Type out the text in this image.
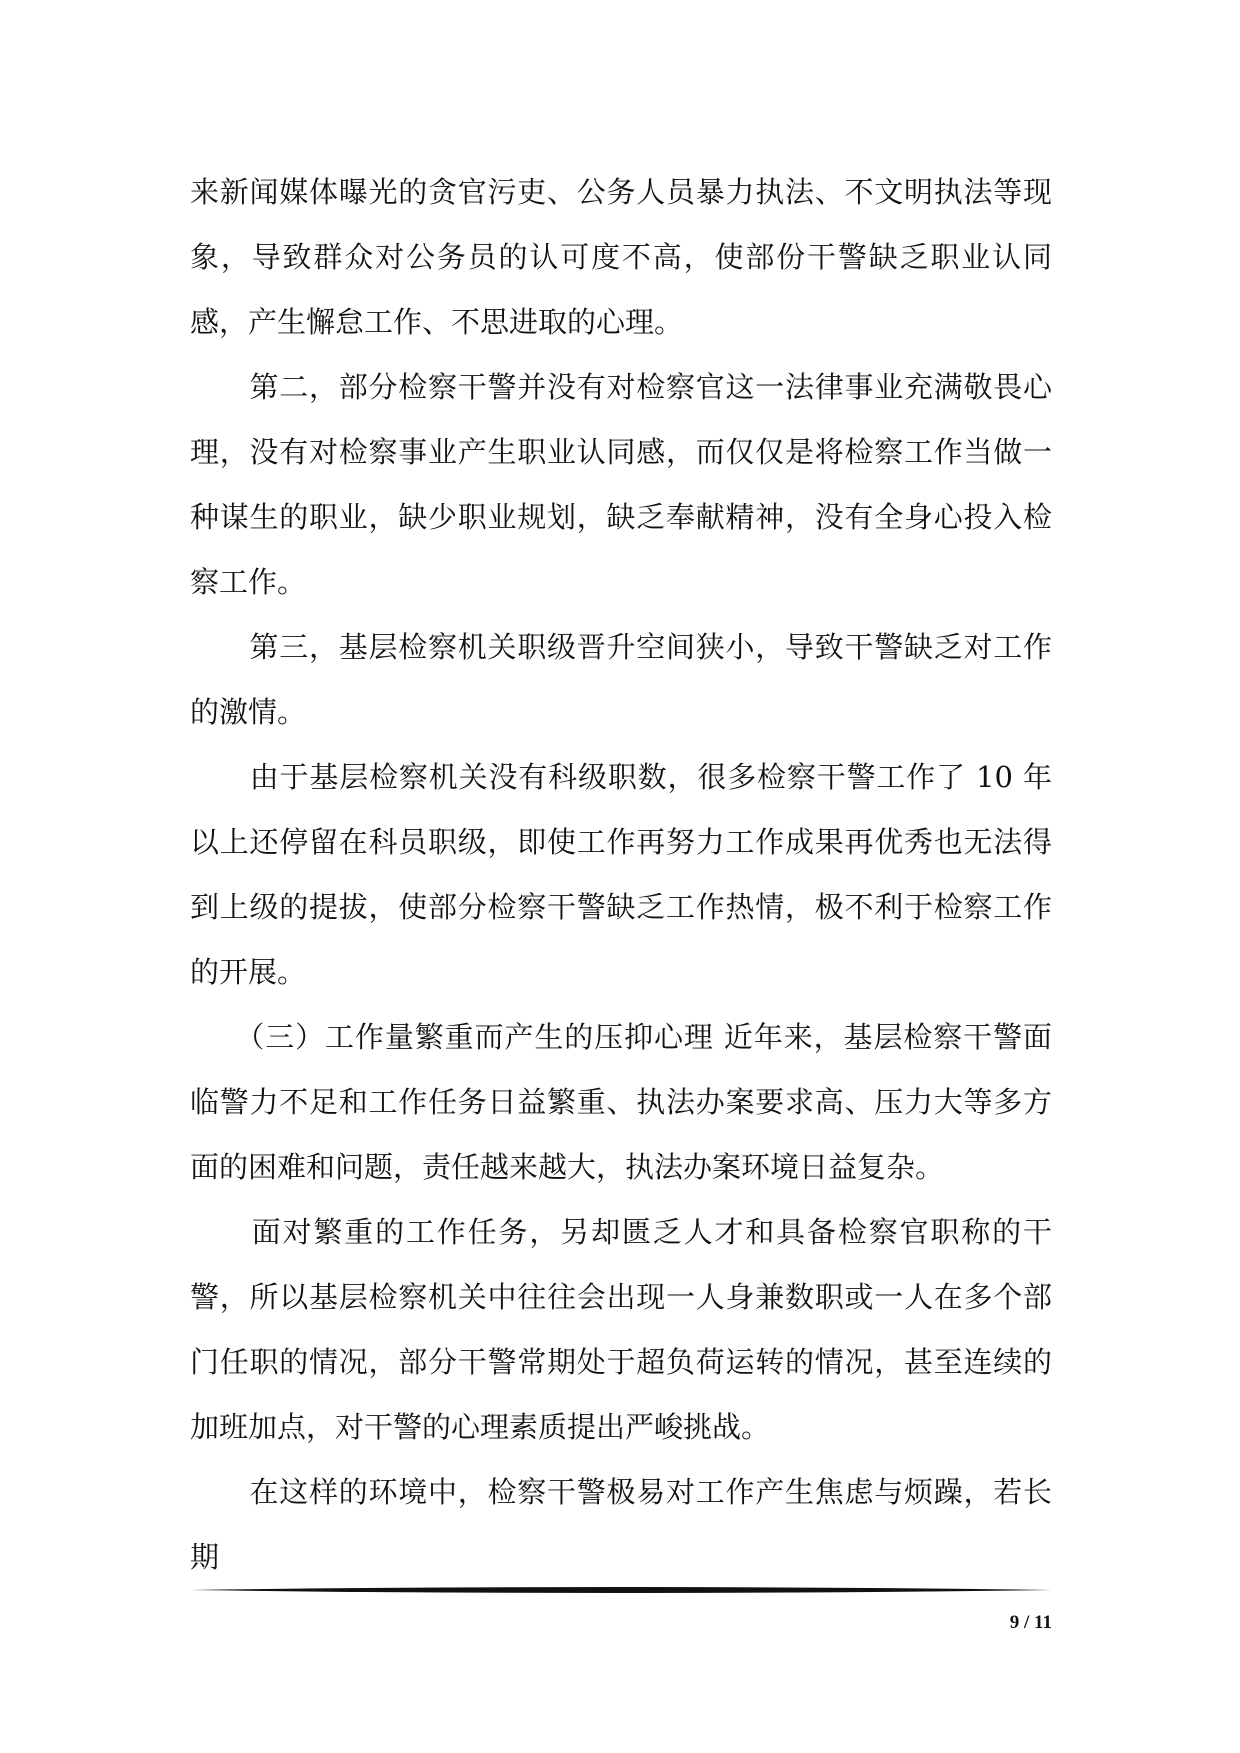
来新闻媒体曝光的贪官污吏、公务人员暴力执法、不文明执法等现象，导致群众对公务员的认可度不高，使部份干警缺乏职业认同感，产生懈怠工作、不思进取的心理。

　　第二，部分检察干警并没有对检察官这一法律事业充满敬畏心理，没有对检察事业产生职业认同感，而仅仅是将检察工作当做一种谋生的职业，缺少职业规划，缺乏奉献精神，没有全身心投入检察工作。

　　第三，基层检察机关职级晋升空间狭小，导致干警缺乏对工作的激情。

　　由于基层检察机关没有科级职数，很多检察干警工作了 10 年以上还停留在科员职级，即使工作再努力工作成果再优秀也无法得到上级的提拔，使部分检察干警缺乏工作热情，极不利于检察工作的开展。

　　（三）工作量繁重而产生的压抑心理 近年来，基层检察干警面临警力不足和工作任务日益繁重、执法办案要求高、压力大等多方面的困难和问题，责任越来越大，执法办案环境日益复杂。

　　面对繁重的工作任务，另却匮乏人才和具备检察官职称的干警，所以基层检察机关中往往会出现一人身兼数职或一人在多个部门任职的情况，部分干警常期处于超负荷运转的情况，甚至连续的加班加点，对干警的心理素质提出严峻挑战。

　　在这样的环境中，检察干警极易对工作产生焦虑与烦躁，若长期

9 / 11
